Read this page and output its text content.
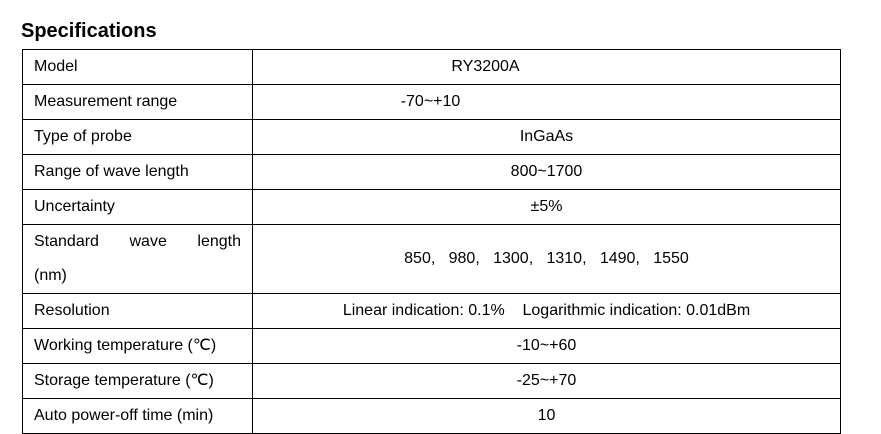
Specifications
Model	RY3200A
Measurement range	-70~+10
Type of probe	InGaAs
Range of wave length	800~1700
Uncertainty	±5%

Standard wave length
(nm)	850,   980,   1300,   1310,   1490,   1550

Resolution	Linear indication: 0.1%    Logarithmic indication: 0.01dBm
Working temperature (℃)	-10~+60
Storage temperature (℃)	-25~+70
Auto power-off time (min)	10
